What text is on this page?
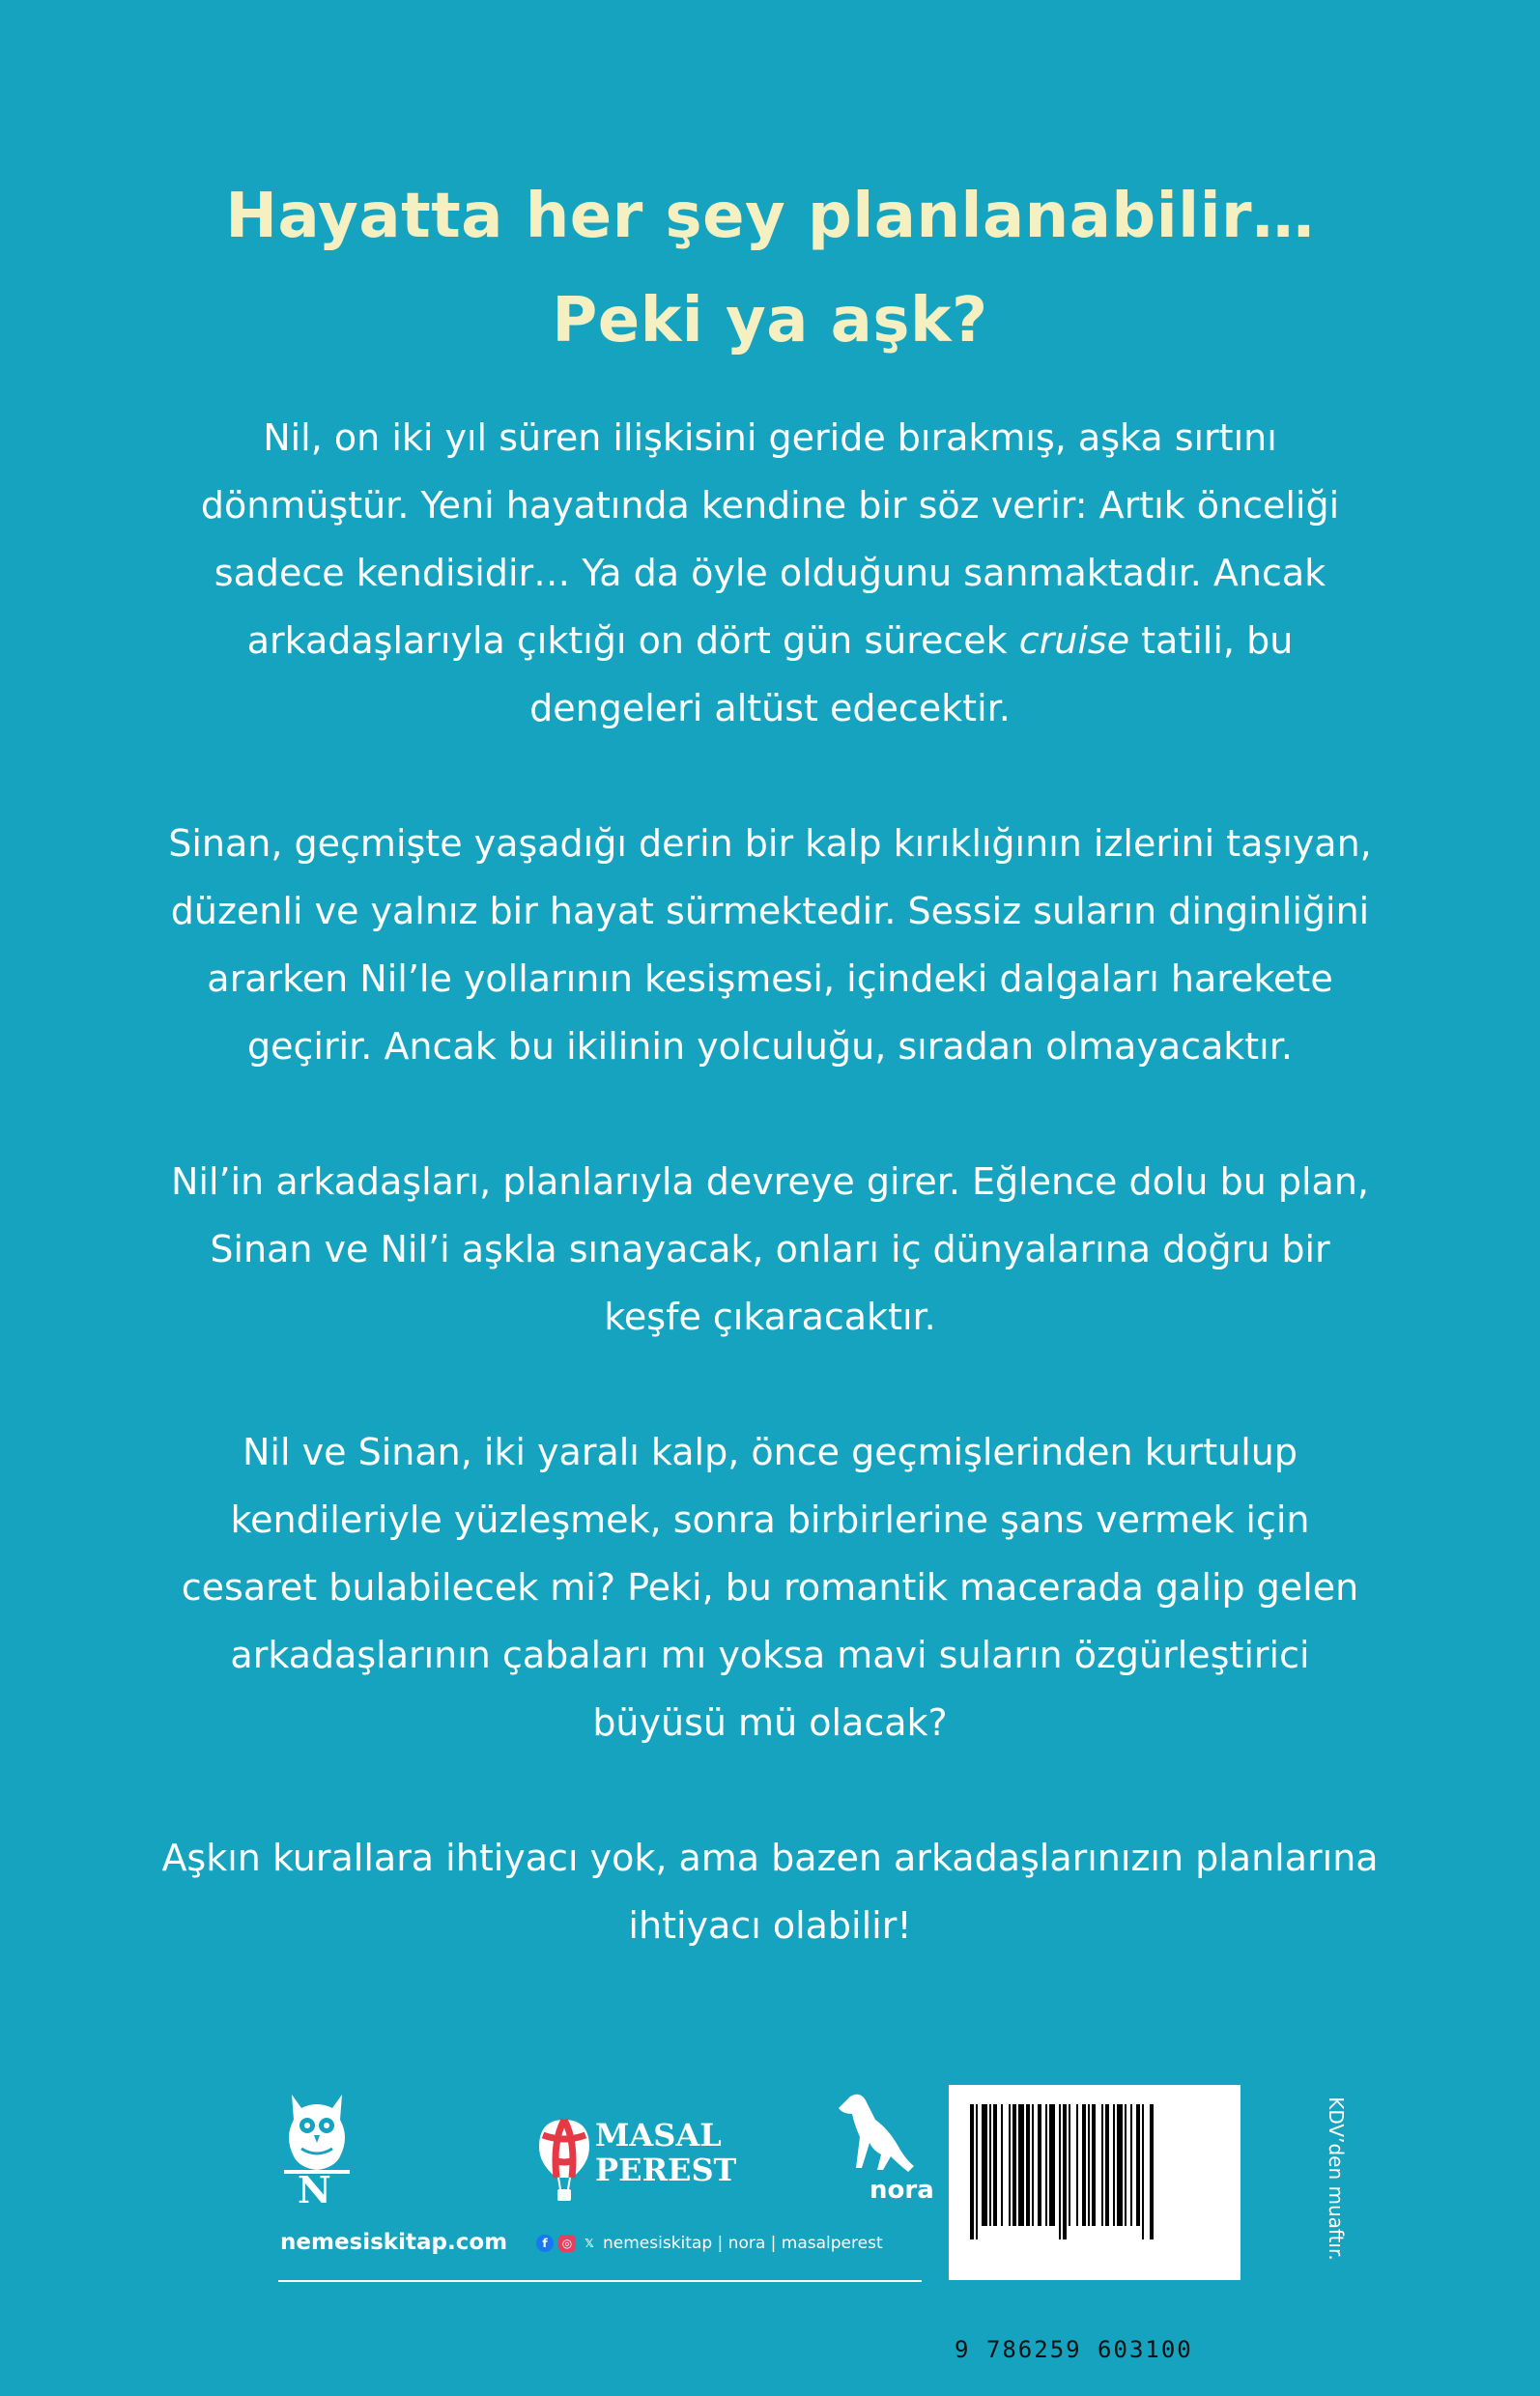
Hayatta her şey planlanabilir…
Peki ya aşk?

Nil, on iki yıl süren ilişkisini geride bırakmış, aşka sırtını
dönmüştür. Yeni hayatında kendine bir söz verir: Artık önceliği
sadece kendisidir… Ya da öyle olduğunu sanmaktadır. Ancak
arkadaşlarıyla çıktığı on dört gün sürecek cruise tatili, bu
dengeleri altüst edecektir.

Sinan, geçmişte yaşadığı derin bir kalp kırıklığının izlerini taşıyan,
düzenli ve yalnız bir hayat sürmektedir. Sessiz suların dinginliğini
ararken Nil’le yollarının kesişmesi, içindeki dalgaları harekete
geçirir. Ancak bu ikilinin yolculuğu, sıradan olmayacaktır.

Nil’in arkadaşları, planlarıyla devreye girer. Eğlence dolu bu plan,
Sinan ve Nil’i aşkla sınayacak, onları iç dünyalarına doğru bir
keşfe çıkaracaktır.

Nil ve Sinan, iki yaralı kalp, önce geçmişlerinden kurtulup
kendileriyle yüzleşmek, sonra birbirlerine şans vermek için
cesaret bulabilecek mi? Peki, bu romantik macerada galip gelen
arkadaşlarının çabaları mı yoksa mavi suların özgürleştirici
büyüsü mü olacak?

Aşkın kurallara ihtiyacı yok, ama bazen arkadaşlarınızın planlarına
ihtiyacı olabilir!

N
MASAL
PEREST
nora
nemesiskitap.com	f	◎	𝕏 nemesiskitap | nora | masalperest
9 786259 603100
KDV’den muaftır.
